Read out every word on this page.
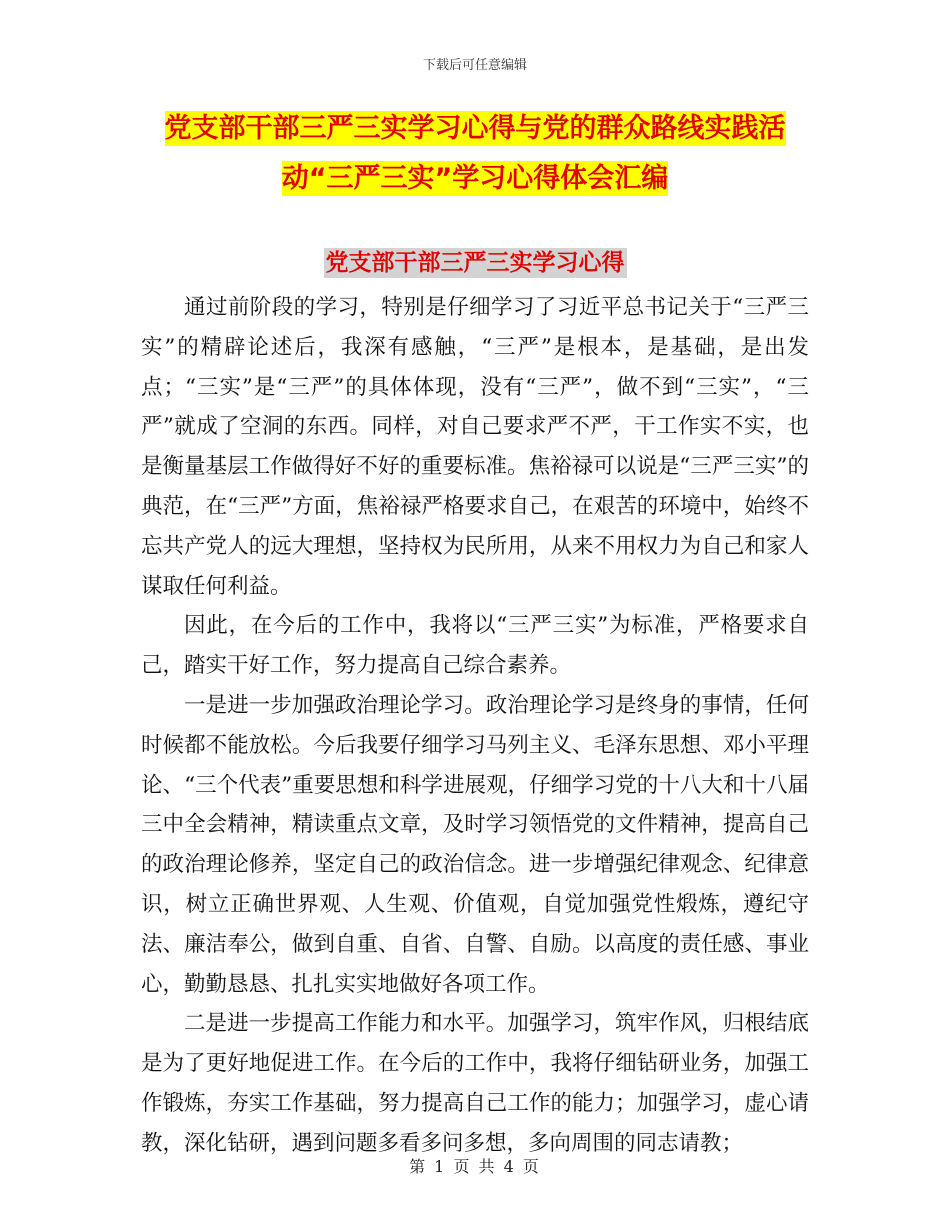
下载后可任意编辑
党支部干部三严三实学习心得与党的群众路线实践活
动“三严三实”学习心得体会汇编
党支部干部三严三实学习心得

通过前阶段的学习，特别是仔细学习了习近平总书记关于“三严三实”的精辟论述后，我深有感触，“三严”是根本，是基础，是出发点；“三实”是“三严”的具体体现，没有“三严”，做不到“三实”，“三严”就成了空洞的东西。同样，对自己要求严不严，干工作实不实，也是衡量基层工作做得好不好的重要标准。焦裕禄可以说是“三严三实”的典范，在“三严”方面，焦裕禄严格要求自己，在艰苦的环境中，始终不忘共产党人的远大理想，坚持权为民所用，从来不用权力为自己和家人谋取任何利益。

因此，在今后的工作中，我将以“三严三实”为标准，严格要求自己，踏实干好工作，努力提高自己综合素养。

一是进一步加强政治理论学习。政治理论学习是终身的事情，任何时候都不能放松。今后我要仔细学习马列主义、毛泽东思想、邓小平理论、“三个代表”重要思想和科学进展观，仔细学习党的十八大和十八届三中全会精神，精读重点文章，及时学习领悟党的文件精神，提高自己的政治理论修养，坚定自己的政治信念。进一步增强纪律观念、纪律意识，树立正确世界观、人生观、价值观，自觉加强党性煅炼，遵纪守法、廉洁奉公，做到自重、自省、自警、自励。以高度的责任感、事业心，勤勤恳恳、扎扎实实地做好各项工作。

二是进一步提高工作能力和水平。加强学习，筑牢作风，归根结底是为了更好地促进工作。在今后的工作中，我将仔细钻研业务，加强工作锻炼，夯实工作基础，努力提高自己工作的能力；加强学习，虚心请教，深化钻研，遇到问题多看多问多想，多向周围的同志请教；

第 1 页 共 4 页
